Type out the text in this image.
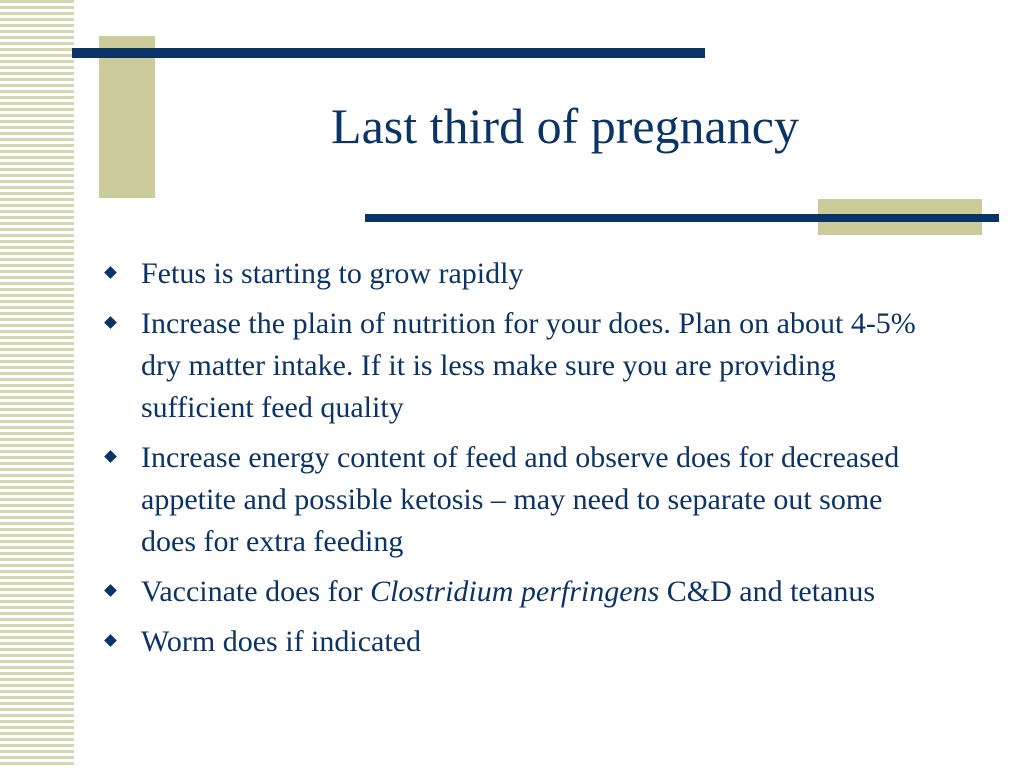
Last third of pregnancy
Fetus is starting to grow rapidly
Increase the plain of nutrition for your does. Plan on about 4-5% dry matter intake. If it is less make sure you are providing sufficient feed quality
Increase energy content of feed and observe does for decreased appetite and possible ketosis – may need to separate out some does for extra feeding
Vaccinate does for Clostridium perfringens C&D and tetanus
Worm does if indicated
